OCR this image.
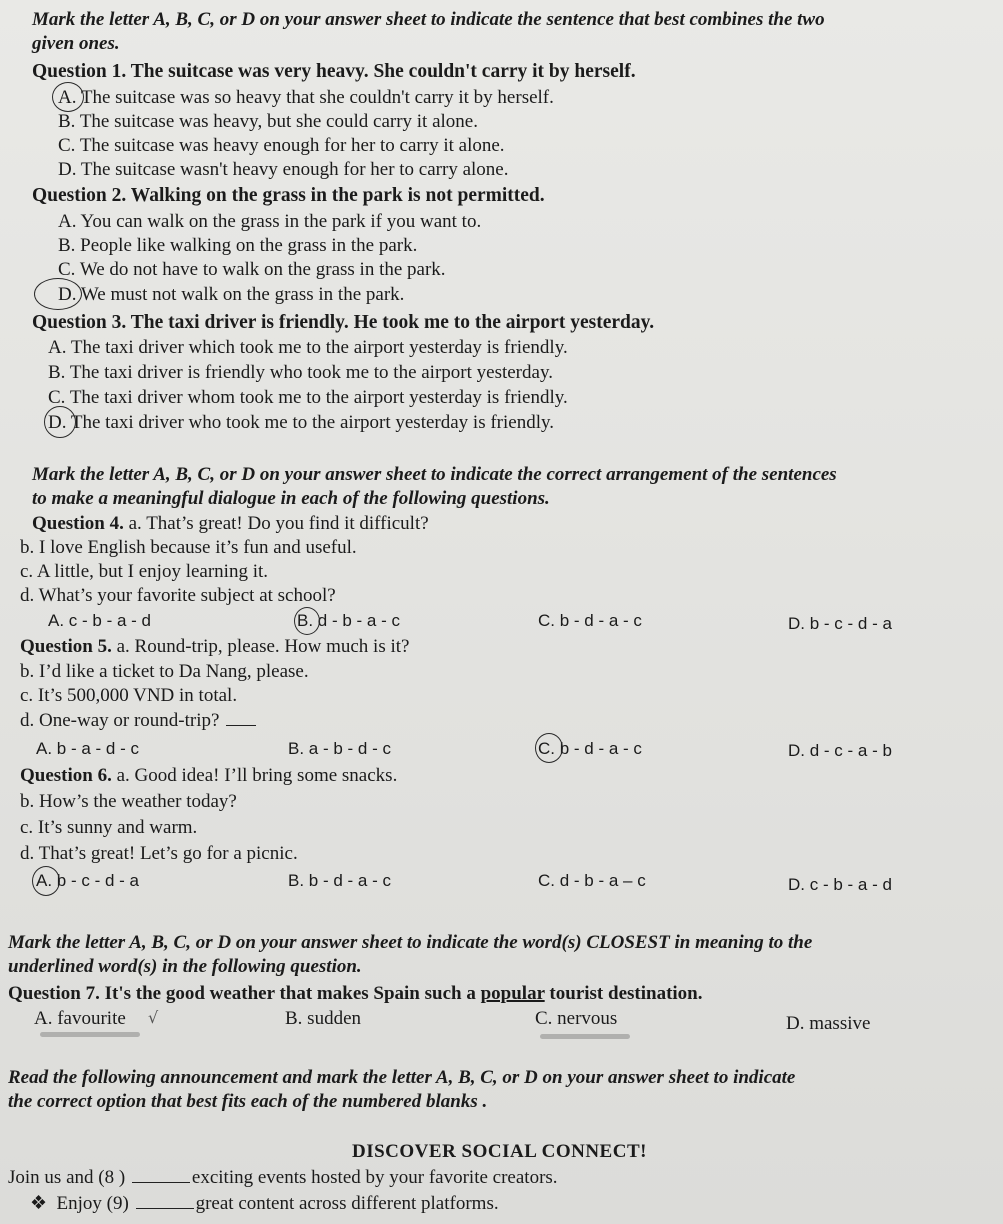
Mark the letter A, B, C, or D on your answer sheet to indicate the sentence that best combines the two
given ones.
Question 1. The suitcase was very heavy. She couldn't carry it by herself.
A. The suitcase was so heavy that she couldn't carry it by herself.
B. The suitcase was heavy, but she could carry it alone.
C. The suitcase was heavy enough for her to carry it alone.
D. The suitcase wasn't heavy enough for her to carry alone.
Question 2. Walking on the grass in the park is not permitted.
A. You can walk on the grass in the park if you want to.
B. People like walking on the grass in the park.
C. We do not have to walk on the grass in the park.
D. We must not walk on the grass in the park.
Question 3. The taxi driver is friendly. He took me to the airport yesterday.
A. The taxi driver which took me to the airport yesterday is friendly.
B. The taxi driver is friendly who took me to the airport yesterday.
C. The taxi driver whom took me to the airport yesterday is friendly.
D. The taxi driver who took me to the airport yesterday is friendly.
Mark the letter A, B, C, or D on your answer sheet to indicate the correct arrangement of the sentences
to make a meaningful dialogue in each of the following questions.
Question 4. a. That’s great! Do you find it difficult?
b. I love English because it’s fun and useful.
c. A little, but I enjoy learning it.
d. What’s your favorite subject at school?
A. c - b - a - d	B. d - b - a - c	C. b - d - a - c	D. b - c - d - a
Question 5. a. Round-trip, please. How much is it?
b. I’d like a ticket to Da Nang, please.
c. It’s 500,000 VND in total.
d. One-way or round-trip?
A. b - a - d - c	B. a - b - d - c	C. b - d - a - c	D. d - c - a - b
Question 6. a. Good idea! I’ll bring some snacks.
b. How’s the weather today?
c. It’s sunny and warm.
d. That’s great! Let’s go for a picnic.
A. b - c - d - a	B. b - d - a - c	C. d - b - a – c	D. c - b - a - d
Mark the letter A, B, C, or D on your answer sheet to indicate the word(s) CLOSEST in meaning to the
underlined word(s) in the following question.
Question 7. It's the good weather that makes Spain such a popular tourist destination.
A. favourite √	B. sudden	C. nervous	D. massive
Read the following announcement and mark the letter A, B, C, or D on your answer sheet to indicate
the correct option that best fits each of the numbered blanks .
DISCOVER SOCIAL CONNECT!
Join us and (8 )	exciting events hosted by your favorite creators.
❖ Enjoy (9)	great content across different platforms.
